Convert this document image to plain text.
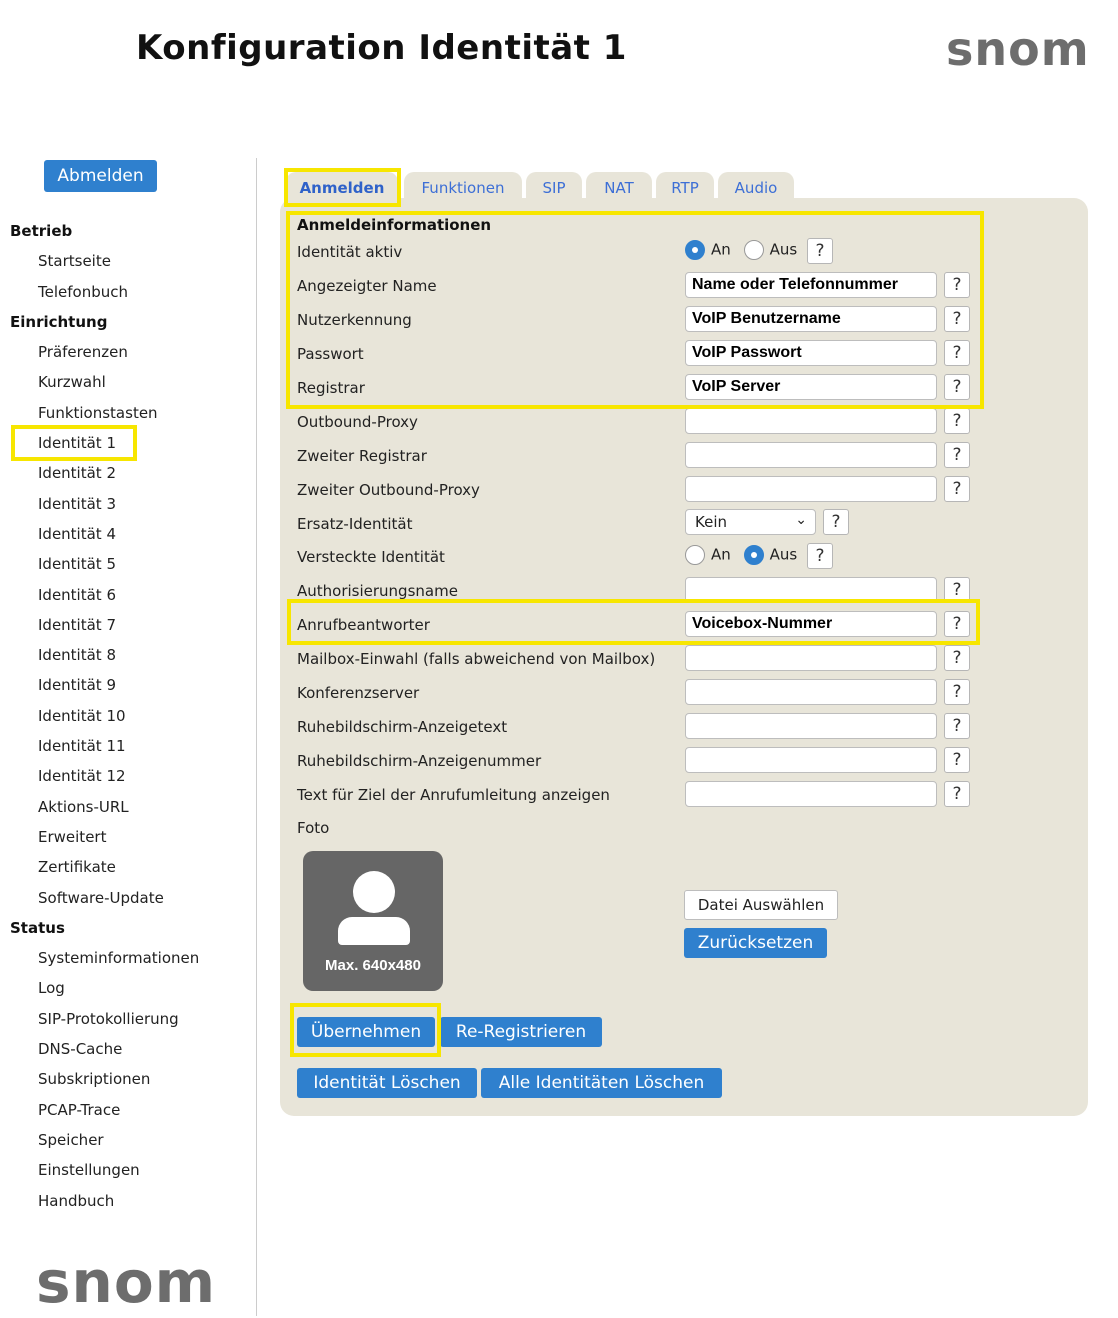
Konfiguration Identität 1	snom
Abmelden
Betrieb
Startseite
Telefonbuch
Einrichtung
Präferenzen
Kurzwahl
Funktionstasten
Identität 1
Identität 2
Identität 3
Identität 4
Identität 5
Identität 6
Identität 7
Identität 8
Identität 9
Identität 10
Identität 11
Identität 12
Aktions-URL
Erweitert
Zertifikate
Software-Update
Status
Systeminformationen
Log
SIP-Protokollierung
DNS-Cache
Subskriptionen
PCAP-Trace
Speicher
Einstellungen
Handbuch
snom
Anmelden	Funktionen	SIP	NAT	RTP	Audio
Anmeldeinformationen
Identität aktiv	An	Aus	?
Angezeigter Name	Name oder Telefonnummer	?
Nutzerkennung	VoIP Benutzername	?
Passwort	VoIP Passwort	?
Registrar	VoIP Server	?
Outbound-Proxy	?
Zweiter Registrar	?
Zweiter Outbound-Proxy	?
Ersatz-Identität	Kein	⌄	?
Versteckte Identität	An	Aus	?
Authorisierungsname	?
Anrufbeantworter	Voicebox-Nummer	?
Mailbox-Einwahl (falls abweichend von Mailbox)	?
Konferenzserver	?
Ruhebildschirm-Anzeigetext	?
Ruhebildschirm-Anzeigenummer	?
Text für Ziel der Anrufumleitung anzeigen	?
Foto
Max. 640x480
Datei Auswählen
Zurücksetzen
Übernehmen	Re-Registrieren
Identität Löschen	Alle Identitäten Löschen
